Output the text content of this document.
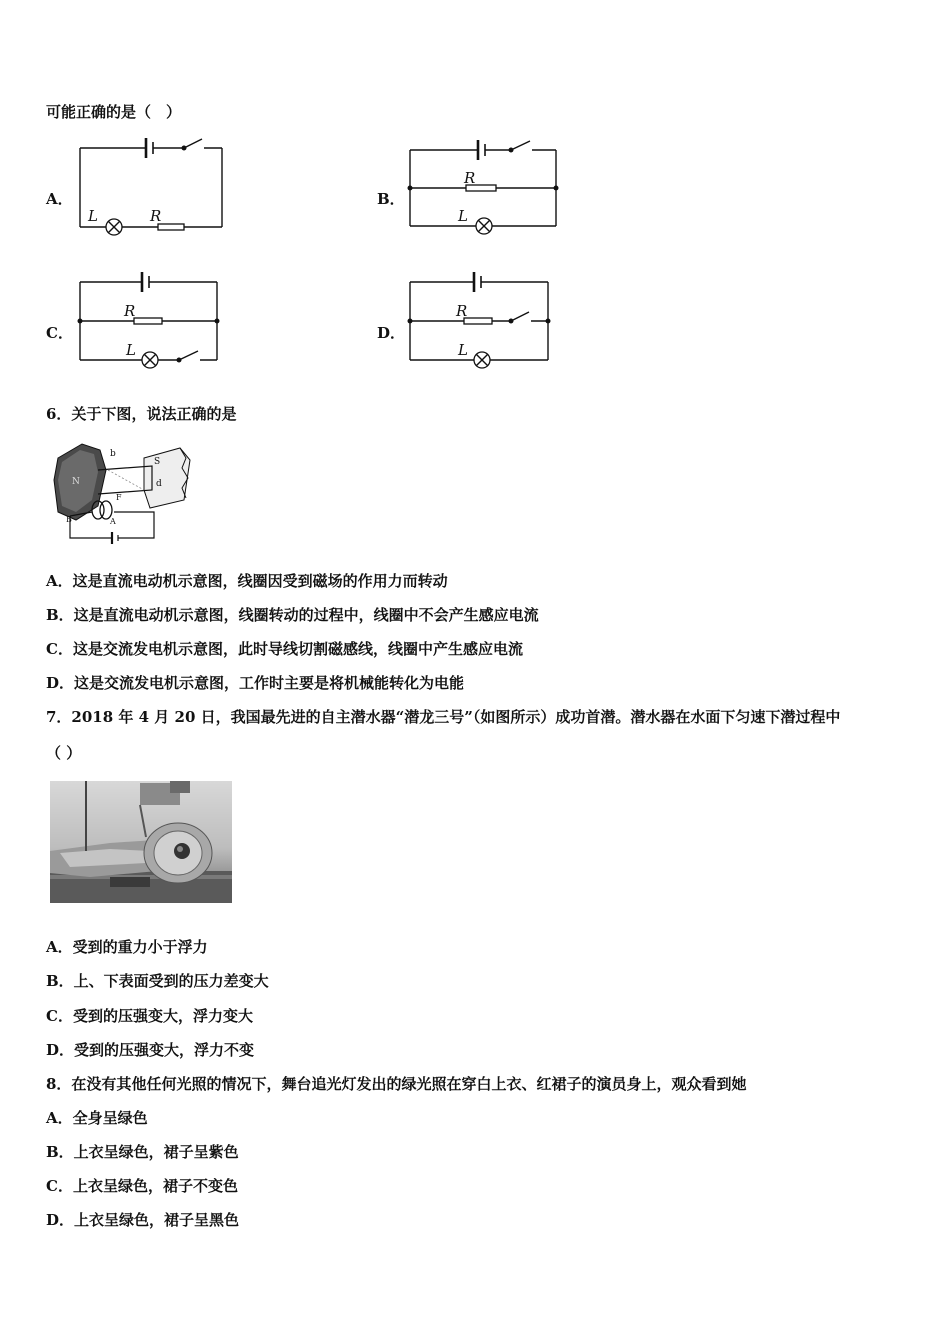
可能正确的是（　）
A．
L	R
B．
R
L
C．
R
L
D．
R
L
6．关于下图，说法正确的是
N
S
b
d
F
A
B
A．这是直流电动机示意图，线圈因受到磁场的作用力而转动
B．这是直流电动机示意图，线圈转动的过程中，线圈中不会产生感应电流
C．这是交流发电机示意图，此时导线切割磁感线，线圈中产生感应电流
D．这是交流发电机示意图，工作时主要是将机械能转化为电能
7．2018 年 4 月 20 日，我国最先进的自主潜水器“潜龙三号”（如图所示）成功首潜。潜水器在水面下匀速下潜过程中
（ ）
A．受到的重力小于浮力
B．上、下表面受到的压力差变大
C．受到的压强变大，浮力变大
D．受到的压强变大，浮力不变
8．在没有其他任何光照的情况下，舞台追光灯发出的绿光照在穿白上衣、红裙子的演员身上，观众看到她
A．全身呈绿色
B．上衣呈绿色，裙子呈紫色
C．上衣呈绿色，裙子不变色
D．上衣呈绿色，裙子呈黑色
